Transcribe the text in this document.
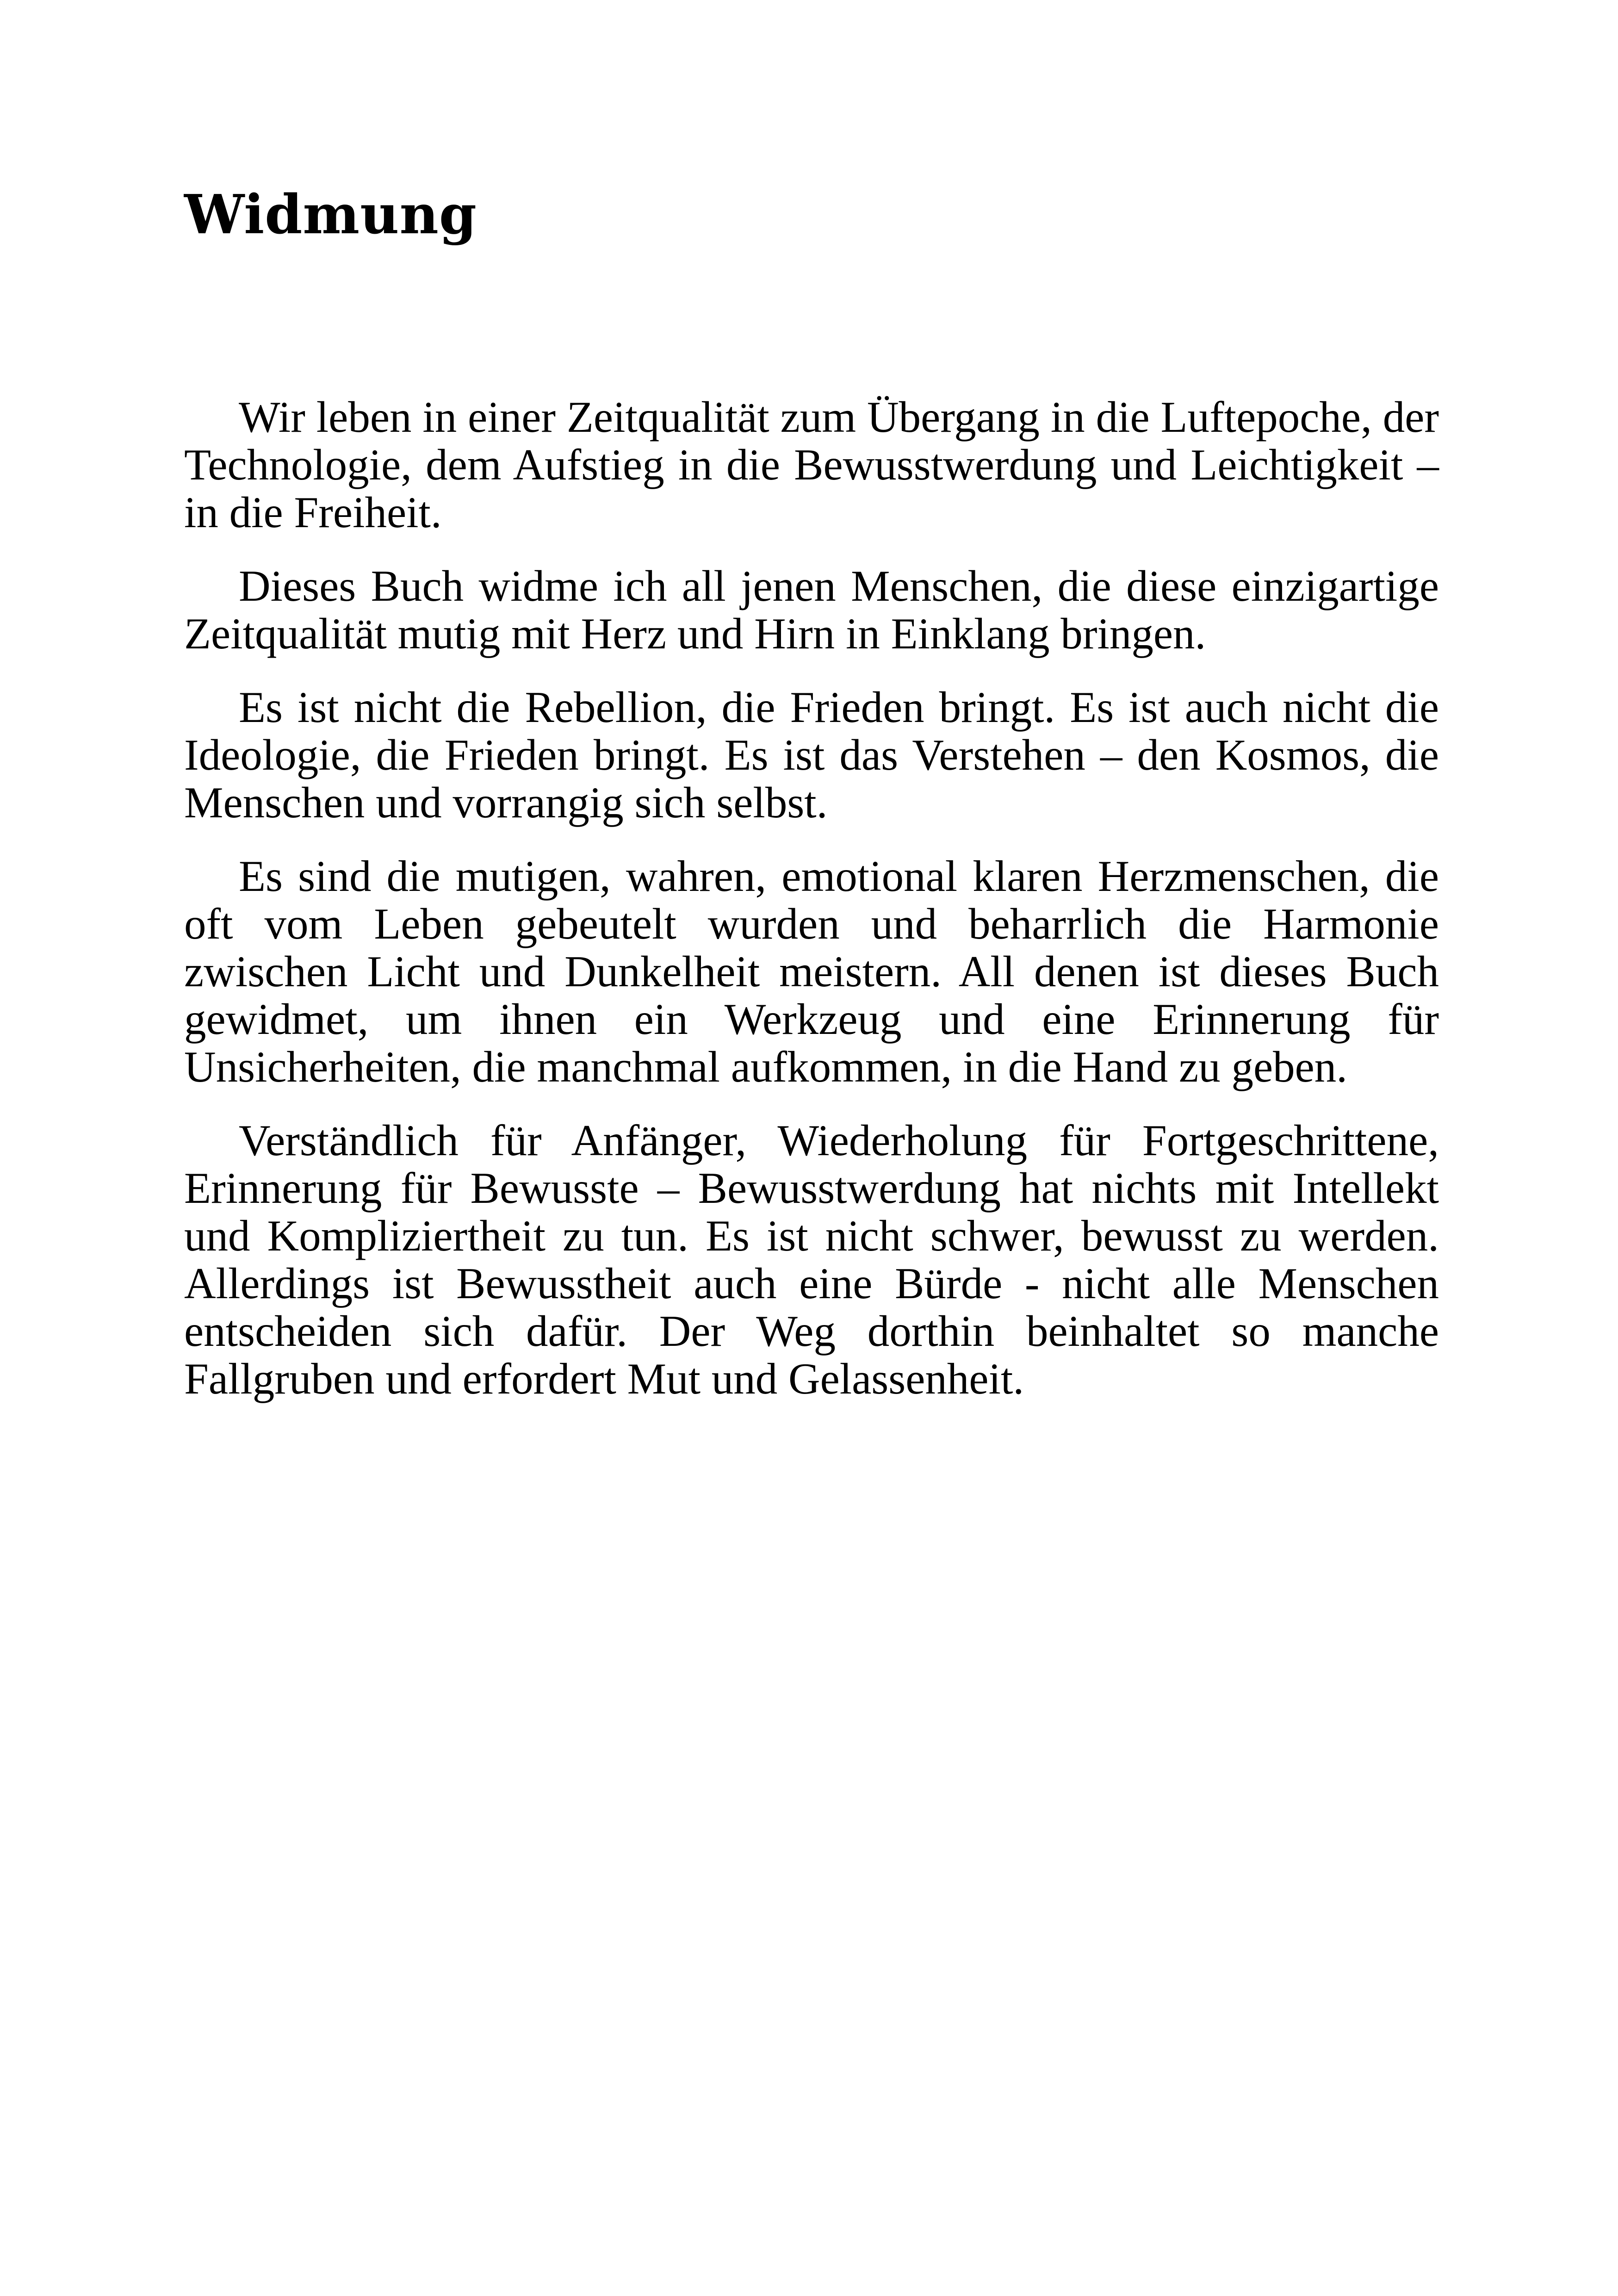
Widmung

Wir leben in einer Zeitqualität zum Übergang in die Luftepoche, der Technologie, dem Aufstieg in die Bewusstwerdung und Leichtigkeit – in die Freiheit.

Dieses Buch widme ich all jenen Menschen, die diese einzigartige Zeitqualität mutig mit Herz und Hirn in Einklang bringen.

Es ist nicht die Rebellion, die Frieden bringt. Es ist auch nicht die Ideologie, die Frieden bringt. Es ist das Verstehen – den Kosmos, die Menschen und vorrangig sich selbst.

Es sind die mutigen, wahren, emotional klaren Herzmenschen, die oft vom Leben gebeutelt wurden und beharrlich die Harmonie zwischen Licht und Dunkelheit meistern. All denen ist dieses Buch gewidmet, um ihnen ein Werkzeug und eine Erinnerung für Unsicherheiten, die manchmal aufkommen, in die Hand zu geben.

Verständlich für Anfänger, Wiederholung für Fortgeschrittene, Erinnerung für Bewusste – Bewusstwerdung hat nichts mit Intellekt und Kompliziertheit zu tun. Es ist nicht schwer, bewusst zu werden. Allerdings ist Bewusstheit auch eine Bürde - nicht alle Menschen entscheiden sich dafür. Der Weg dorthin beinhaltet so manche Fallgruben und erfordert Mut und Gelassenheit.
